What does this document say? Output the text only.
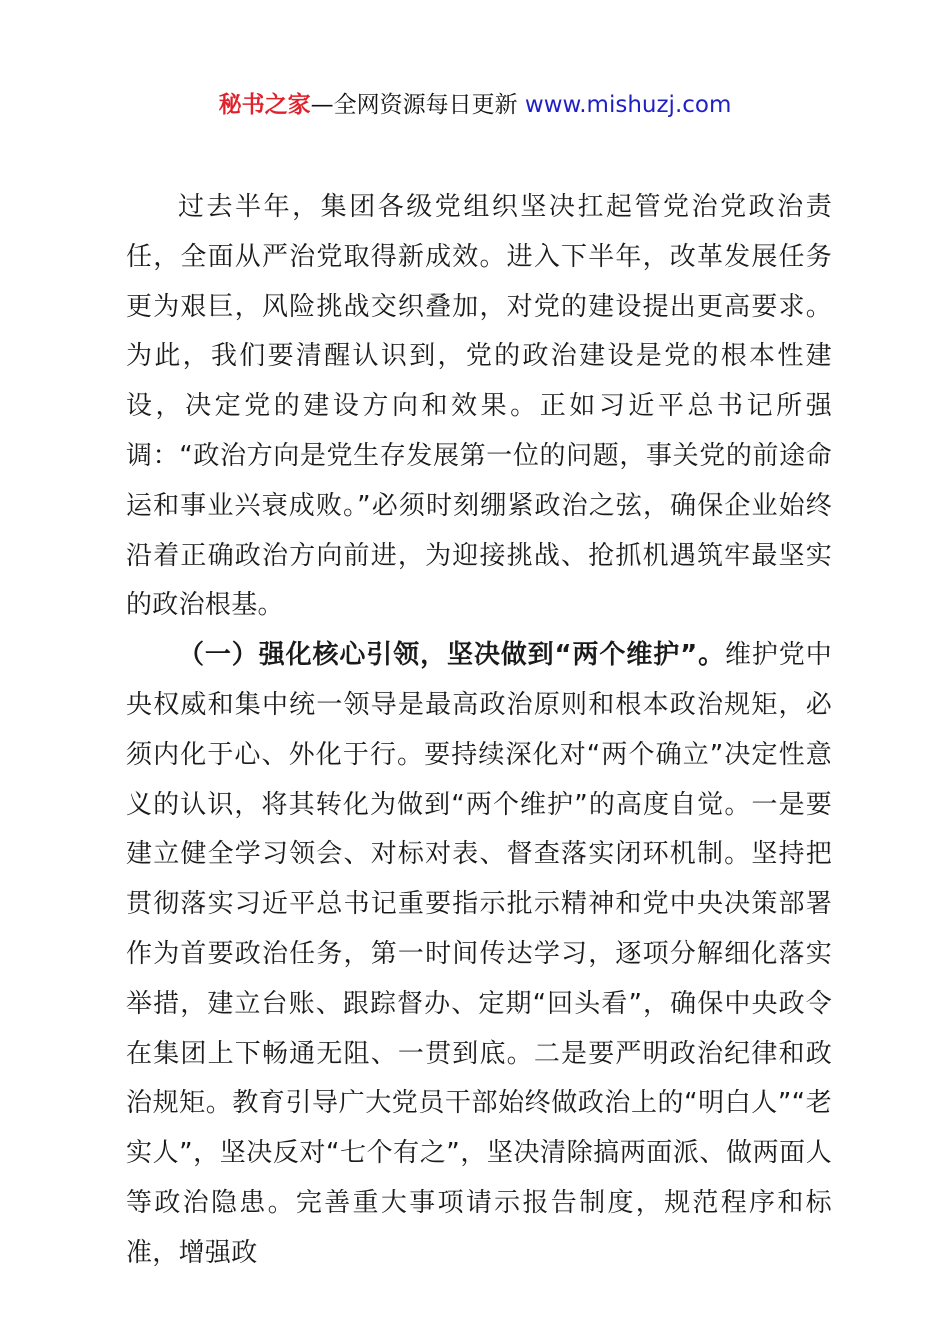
秘书之家—全网资源每日更新 www.mishuzj.com

过去半年，集团各级党组织坚决扛起管党治党政治责任，全面从严治党取得新成效。进入下半年，改革发展任务更为艰巨，风险挑战交织叠加，对党的建设提出更高要求。为此，我们要清醒认识到，党的政治建设是党的根本性建设，决定党的建设方向和效果。正如习近平总书记所强调：“政治方向是党生存发展第一位的问题，事关党的前途命运和事业兴衰成败。”必须时刻绷紧政治之弦，确保企业始终沿着正确政治方向前进，为迎接挑战、抢抓机遇筑牢最坚实的政治根基。

（一）强化核心引领，坚决做到“两个维护”。维护党中央权威和集中统一领导是最高政治原则和根本政治规矩，必须内化于心、外化于行。要持续深化对“两个确立”决定性意义的认识，将其转化为做到“两个维护”的高度自觉。一是要建立健全学习领会、对标对表、督查落实闭环机制。坚持把贯彻落实习近平总书记重要指示批示精神和党中央决策部署作为首要政治任务，第一时间传达学习，逐项分解细化落实举措，建立台账、跟踪督办、定期“回头看”，确保中央政令在集团上下畅通无阻、一贯到底。二是要严明政治纪律和政治规矩。教育引导广大党员干部始终做政治上的“明白人”“老实人”，坚决反对“七个有之”，坚决清除搞两面派、做两面人等政治隐患。完善重大事项请示报告制度，规范程序和标准，增强政
